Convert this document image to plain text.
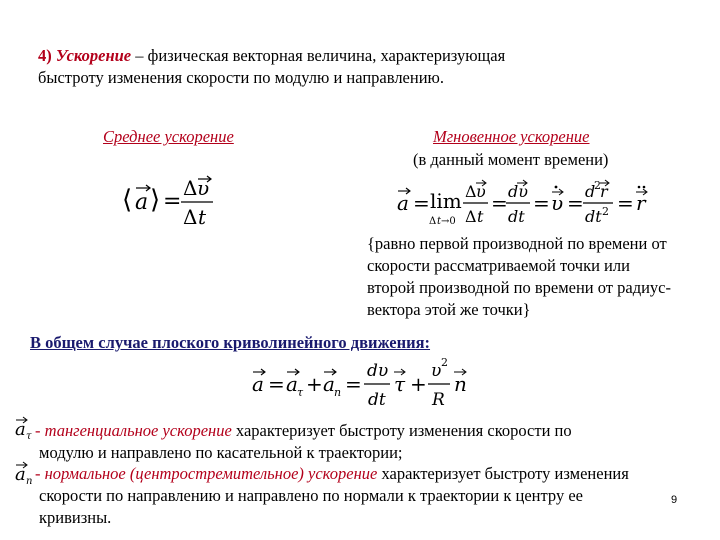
4) Ускорение – физическая векторная величина, характеризующая
быстроту изменения скорости по модулю и направлению.
Среднее ускорение
⟨ a ⟩ =
Δ υ
Δ t
Мгновенное ускорение
(в данный момент времени)
a = lim
Δ t →0
Δ υ
Δ t
= dυ
dt
= υ = d
2 r
dt 2 = r
{равно первой производной по времени от
скорости рассматриваемой точки или
второй производной по времени от радиус-
вектора этой же точки}
В общем случае плоского криволинейного движения:
a = a τ + a n =
dυ
dt
τ +
υ 2
R
n
a τ - тангенциальное ускорение характеризует быстроту изменения скорости по
модулю и направлено по касательной к траектории;
a n - нормальное (центростремительное) ускорение характеризует быстроту изменения
скорости по направлению и направлено по нормали к траектории к центру ее
кривизны.
9
